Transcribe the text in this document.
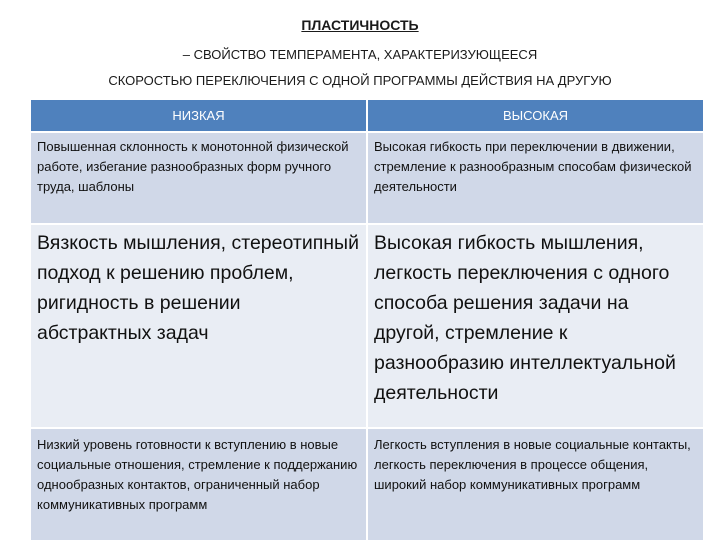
ПЛАСТИЧНОСТЬ
– СВОЙСТВО ТЕМПЕРАМЕНТА, ХАРАКТЕРИЗУЮЩЕЕСЯ
СКОРОСТЬЮ ПЕРЕКЛЮЧЕНИЯ С ОДНОЙ ПРОГРАММЫ ДЕЙСТВИЯ НА ДРУГУЮ
НИЗКАЯ	ВЫСОКАЯ
Повышенная склонность к монотонной физической работе, избегание разнообразных форм ручного труда, шаблоны	Высокая гибкость при переключении в движении, стремление к разнообразным способам физической деятельности
Вязкость мышления, стереотипный подход к решению проблем, ригидность в решении абстрактных задач	Высокая гибкость мышления, легкость переключения с одного способа решения задачи на другой, стремление к разнообразию интеллектуальной деятельности
Низкий уровень готовности к вступлению в новые социальные отношения, стремление к поддержанию однообразных контактов, ограниченный набор коммуникативных программ	Легкость вступления в новые социальные контакты, легкость переключения в процессе общения, широкий набор коммуникативных программ
